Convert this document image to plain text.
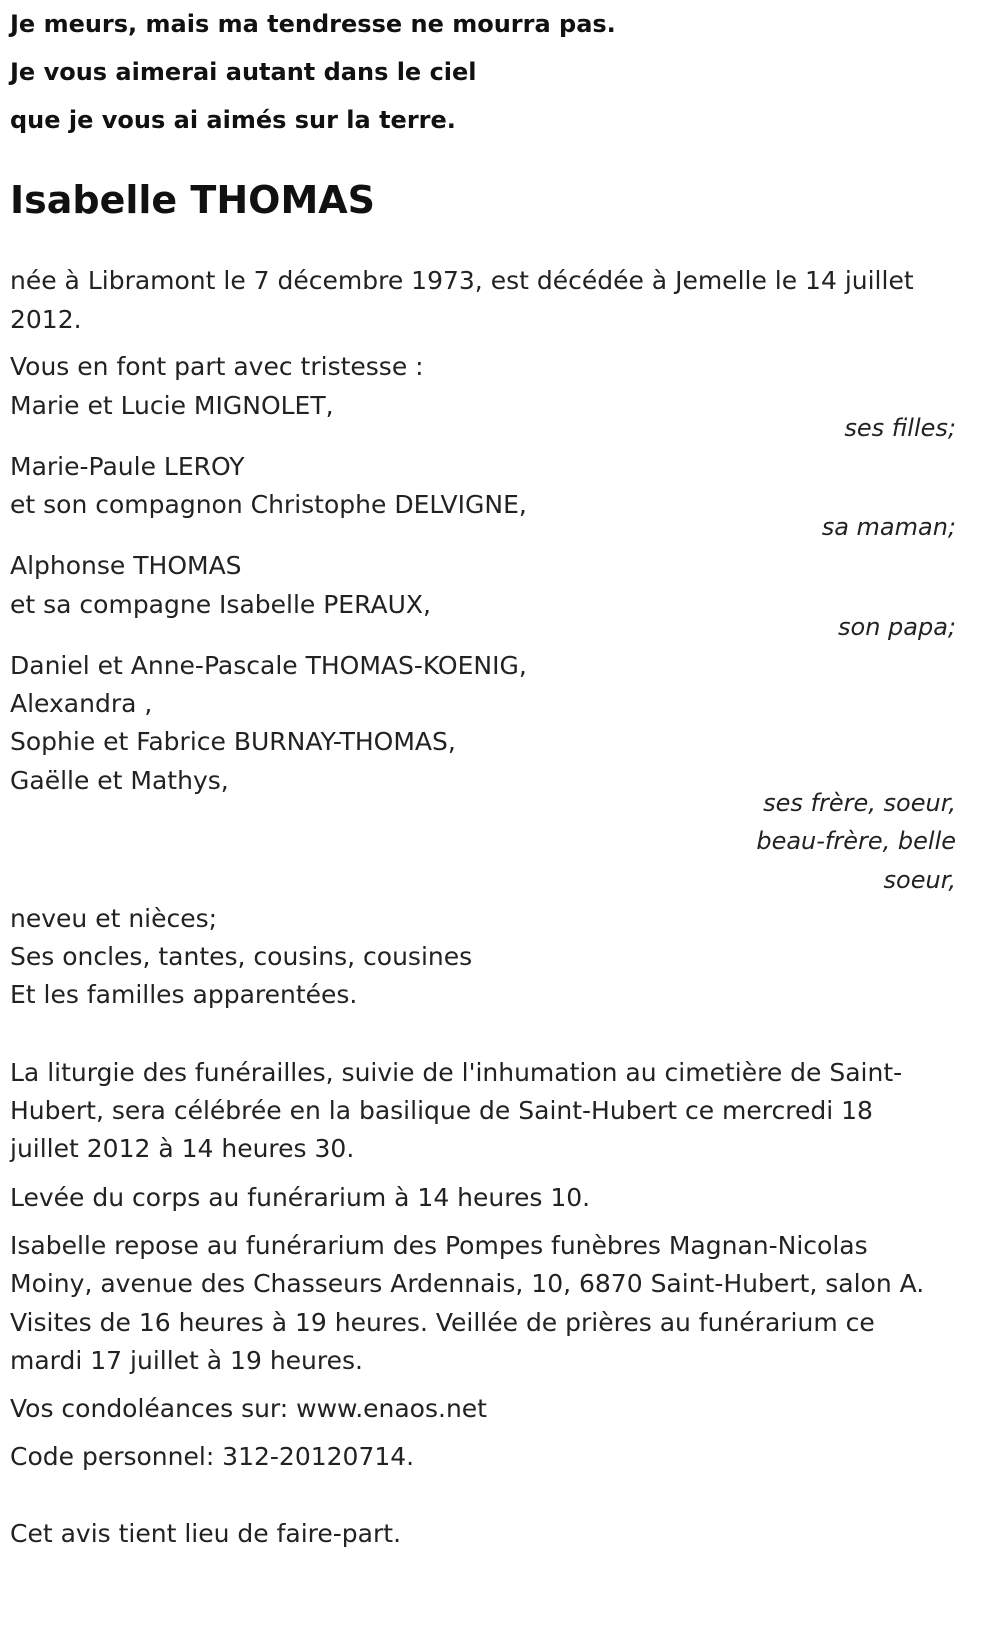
Je meurs, mais ma tendresse ne mourra pas.
Je vous aimerai autant dans le ciel
que je vous ai aimés sur la terre.
Isabelle THOMAS
née à Libramont le 7 décembre 1973, est décédée à Jemelle le 14 juillet
2012.
Vous en font part avec tristesse :
Marie et Lucie MIGNOLET,
ses filles;
Marie-Paule LEROY
et son compagnon Christophe DELVIGNE,
sa maman;
Alphonse THOMAS
et sa compagne Isabelle PERAUX,
son papa;
Daniel et Anne-Pascale THOMAS-KOENIG,
Alexandra ,
Sophie et Fabrice BURNAY-THOMAS,
Gaëlle et Mathys,
ses frère, soeur,
beau-frère, belle
soeur,
neveu et nièces;
Ses oncles, tantes, cousins, cousines
Et les familles apparentées.
La liturgie des funérailles, suivie de l'inhumation au cimetière de Saint-
Hubert, sera célébrée en la basilique de Saint-Hubert ce mercredi 18
juillet 2012 à 14 heures 30.
Levée du corps au funérarium à 14 heures 10.
Isabelle repose au funérarium des Pompes funèbres Magnan-Nicolas
Moiny, avenue des Chasseurs Ardennais, 10, 6870 Saint-Hubert, salon A.
Visites de 16 heures à 19 heures. Veillée de prières au funérarium ce
mardi 17 juillet à 19 heures.
Vos condoléances sur: www.enaos.net
Code personnel: 312-20120714.
Cet avis tient lieu de faire-part.
